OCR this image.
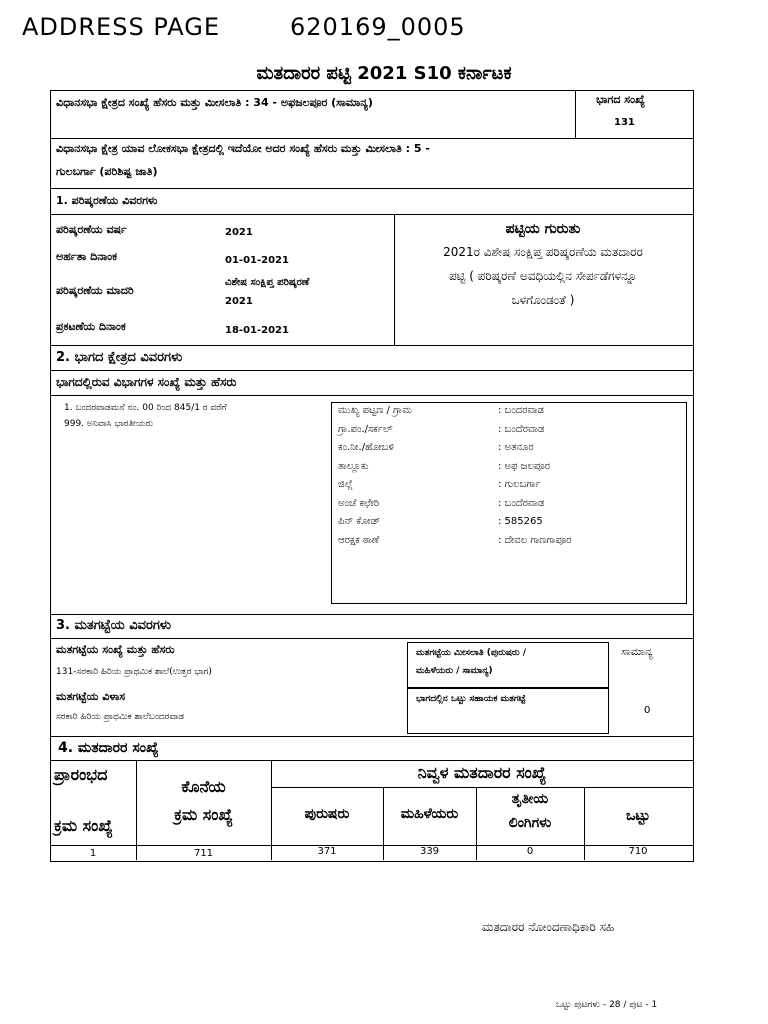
ADDRESS PAGE	620169_0005
ಮತದಾರರ ಪಟ್ಟಿ 2021 S10 ಕರ್ನಾಟಕ
ವಿಧಾನಸಭಾ ಕ್ಷೇತ್ರದ ಸಂಖ್ಯೆ ಹೆಸರು ಮತ್ತು ಮೀಸಲಾತಿ : 34 - ಅಫಜಲಪೂರ (ಸಾಮಾನ್ಯ)	ಭಾಗದ ಸಂಖ್ಯೆ
131
ವಿಧಾನಸಭಾ ಕ್ಷೇತ್ರ ಯಾವ ಲೋಕಸಭಾ ಕ್ಷೇತ್ರದಲ್ಲಿ ಇದೆಯೋ ಅದರ ಸಂಖ್ಯೆ ಹೆಸರು ಮತ್ತು ಮೀಸಲಾತಿ : 5 -
ಗುಲಬರ್ಗಾ (ಪರಿಶಿಷ್ಟ ಜಾತಿ)
1. ಪರಿಷ್ಕರಣೆಯ ವಿವರಗಳು
ಪರಿಷ್ಕರಣೆಯ ವರ್ಷ	2021
ಅರ್ಹತಾ ದಿನಾಂಕ	01-01-2021
ಪರಿಷ್ಕರಣೆಯ ಮಾದರಿ
ವಿಶೇಷ ಸಂಕ್ಷಿಪ್ತ ಪರಿಷ್ಕರಣೆ
2021
ಪ್ರಕಟಣೆಯ ದಿನಾಂಕ	18-01-2021
ಪಟ್ಟಿಯ ಗುರುತು
2021ರ ವಿಶೇಷ ಸಂಕ್ಷಿಪ್ತ ಪರಿಷ್ಕರಣೆಯ ಮತದಾರರ
ಪಟ್ಟಿ ( ಪರಿಷ್ಕರಣೆ ಅವಧಿಯಲ್ಲಿನ ಸೇರ್ಪಡೆಗಳನ್ನೂ
ಒಳಗೊಂಡಂತೆ )
2. ಭಾಗದ ಕ್ಷೇತ್ರದ ವಿವರಗಳು
ಭಾಗದಲ್ಲಿರುವ ವಿಭಾಗಗಳ ಸಂಖ್ಯೆ ಮತ್ತು ಹೆಸರು
1. ಬಂದರವಾಡಮನೆ ನಂ. 00 ರಿಂದ 845/1 ರ ವರೆಗೆ
999. ಅನಿವಾಸಿ ಭಾರತೀಯರು
ಮುಖ್ಯ ಪಟ್ಟಣ / ಗ್ರಾಮ	: ಬಂದರವಾಡ
ಗ್ರಾ.ಪಂ./ಸರ್ಕಲ್	: ಬಂದೆರವಾಡ
ಕಂ.ನೀ./ಹೋಬಳಿ	: ಅತನೂರ
ತಾಲ್ಲೂಕು	: ಅಫ ಜಲಪೂರ
ಜಿಲ್ಲೆ	: ಗುಲಬರ್ಗಾ
ಅಂಚೆ ಕಛೇರಿ	: ಬಂದೆರವಾಡ
ಪಿನ್ ಕೋಡ್	: 585265
ಆರಕ್ಷಕ ಠಾಣೆ	: ದೇವಲ ಗಾಣಗಾಪೂರ
3. ಮತಗಟ್ಟೆಯ ವಿವರಗಳು
ಮತಗಟ್ಟೆಯ ಸಂಖ್ಯೆ ಮತ್ತು ಹೆಸರು
131-ಸರಕಾರಿ ಹಿರಿಯ ಪ್ರಾಥಮಿಕ ಶಾಲೆ(ಉತ್ತರ ಭಾಗ)
ಮತಗಟ್ಟೆಯ ವಿಳಾಸ
ಸರಕಾರಿ ಹಿರಿಯ ಪ್ರಾಥಮಿಕ ಶಾಲೆಬಂದರವಾಡ
ಮತಗಟ್ಟೆಯ ಮೀಸಲಾತಿ (ಪುರುಷರು /
ಮಹಿಳೆಯರು / ಸಾಮಾನ್ಯ)
ಸಾಮಾನ್ಯ
ಭಾಗದಲ್ಲಿನ ಒಟ್ಟು ಸಹಾಯಕ ಮತಗಟ್ಟೆ
0
4. ಮತದಾರರ ಸಂಖ್ಯೆ
ಪ್ರಾರಂಭದ
ಕ್ರಮ ಸಂಖ್ಯೆ
ಕೊನೆಯ
ಕ್ರಮ ಸಂಖ್ಯೆ
ನಿವ್ವಳ ಮತದಾರರ ಸಂಖ್ಯೆ
ಪುರುಷರು	ಮಹಿಳೆಯರು
ತೃತೀಯ
ಲಿಂಗಿಗಳು	ಒಟ್ಟು
1	711	371	339	0	710
ಮತದಾರರ ನೋಂದಣಾಧಿಕಾರಿ ಸಹಿ
ಒಟ್ಟು ಪುಟಗಳು - 28 / ಪುಟ - 1
